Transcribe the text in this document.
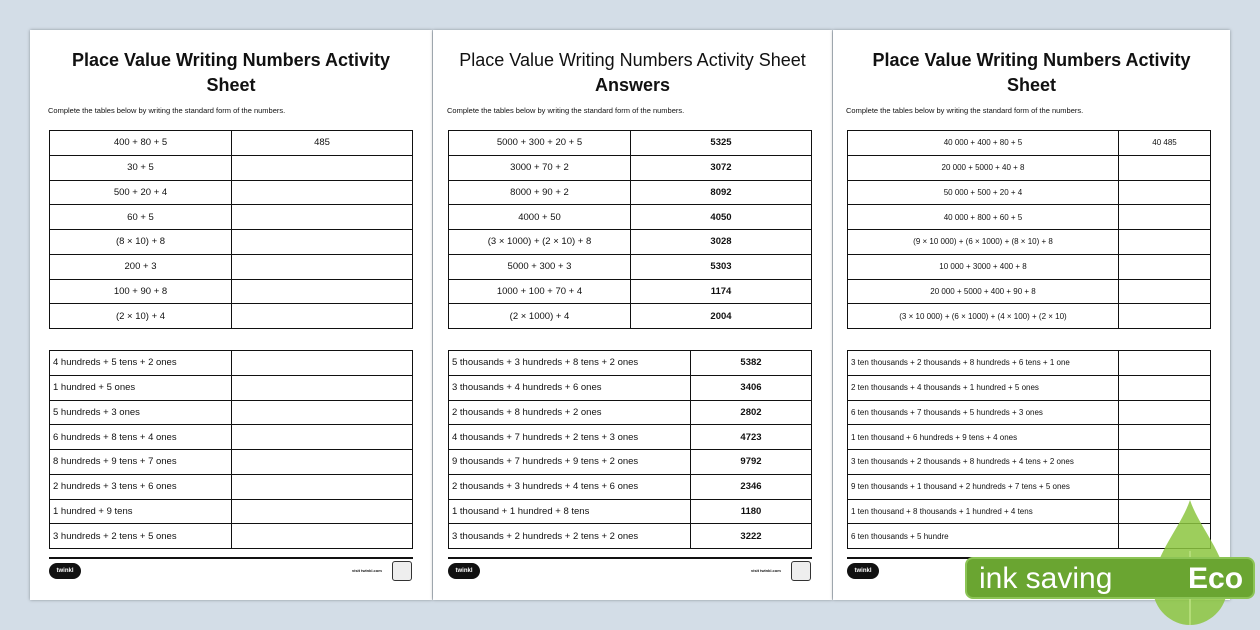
Place Value Writing Numbers Activity Sheet
Complete the tables below by writing the standard form of the numbers.
400 + 80 + 5	485
30 + 5	
500 + 20 + 4	
60 + 5	
(8 × 10) + 8	
200 + 3	
100 + 90 + 8	
(2 × 10) + 4	
4 hundreds + 5 tens + 2 ones	
1 hundred + 5 ones	
5 hundreds + 3 ones	
6 hundreds + 8 tens + 4 ones	
8 hundreds + 9 tens + 7 ones	
2 hundreds + 3 tens + 6 ones	
1 hundred + 9 tens	
3 hundreds + 2 tens + 5 ones	
twinkl	visit twinkl.com
Place Value Writing Numbers Activity Sheet Answers
Complete the tables below by writing the standard form of the numbers.
5000 + 300 + 20 + 5	5325
3000 + 70 + 2	3072
8000 + 90 + 2	8092
4000 + 50	4050
(3 × 1000) + (2 × 10) + 8	3028
5000 + 300 + 3	5303
1000 + 100 + 70 + 4	1174
(2 × 1000) + 4	2004
5 thousands + 3 hundreds + 8 tens + 2 ones	5382
3 thousands + 4 hundreds + 6 ones	3406
2 thousands + 8 hundreds + 2 ones	2802
4 thousands + 7 hundreds + 2 tens + 3 ones	4723
9 thousands + 7 hundreds + 9 tens + 2 ones	9792
2 thousands + 3 hundreds + 4 tens + 6 ones	2346
1 thousand + 1 hundred + 8 tens	1180
3 thousands + 2 hundreds + 2 tens + 2 ones	3222
twinkl	visit twinkl.com
Place Value Writing Numbers Activity Sheet
Complete the tables below by writing the standard form of the numbers.
40 000 + 400 + 80 + 5	40 485
20 000 + 5000 + 40 + 8	
50 000 + 500 + 20 + 4	
40 000 + 800 + 60 + 5	
(9 × 10 000) + (6 × 1000) + (8 × 10) + 8	
10 000 + 3000 + 400 + 8	
20 000 + 5000 + 400 + 90 + 8	
(3 × 10 000) + (6 × 1000) + (4 × 100) + (2 × 10)	
3 ten thousands + 2 thousands + 8 hundreds + 6 tens + 1 one	
2 ten thousands + 4 thousands + 1 hundred + 5 ones	
6 ten thousands + 7 thousands + 5 hundreds + 3 ones	
1 ten thousand + 6 hundreds + 9 tens + 4 ones	
3 ten thousands + 2 thousands + 8 hundreds + 4 tens + 2 ones	
9 ten thousands + 1 thousand + 2 hundreds + 7 tens + 5 ones	
1 ten thousand + 8 thousands + 1 hundred + 4 tens	
6 ten thousands + 5 hundre	
twinkl	ink saving	Eco
